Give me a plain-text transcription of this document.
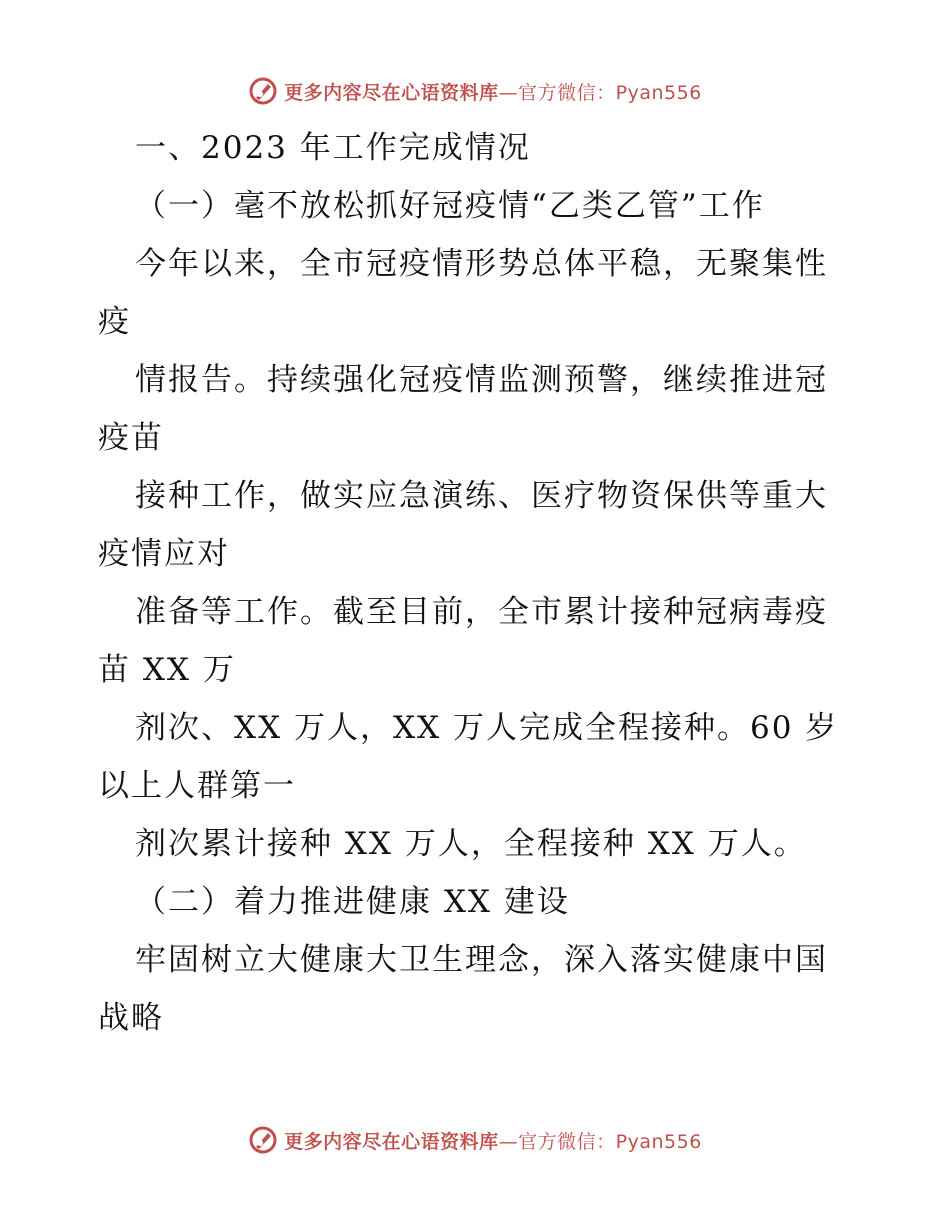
更多内容尽在心语资料库 —官方微信：Pyan556
一、2023 年工作完成情况
（一）毫不放松抓好冠疫情“乙类乙管”工作
今年以来，全市冠疫情形势总体平稳，无聚集性
疫
情报告。持续强化冠疫情监测预警，继续推进冠
疫苗
接种工作，做实应急演练、医疗物资保供等重大
疫情应对
准备等工作。截至目前，全市累计接种冠病毒疫
苗 XX 万
剂次、XX 万人，XX 万人完成全程接种。60 岁
以上人群第一
剂次累计接种 XX 万人，全程接种 XX 万人。
（二）着力推进健康 XX 建设
牢固树立大健康大卫生理念，深入落实健康中国
战略
更多内容尽在心语资料库 —官方微信：Pyan556
